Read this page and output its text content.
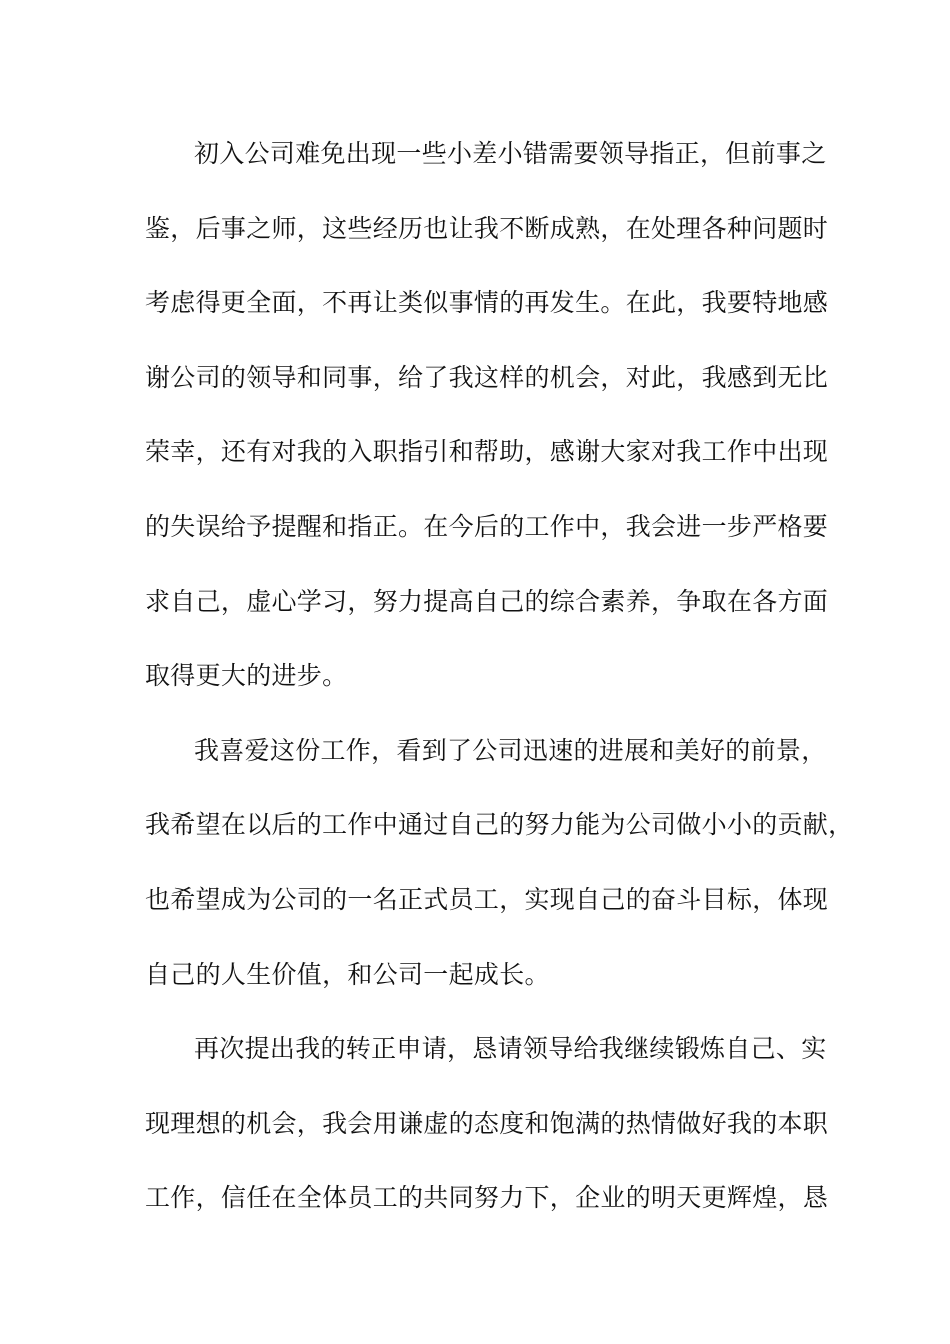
初入公司难免出现一些小差小错需要领导指正，但前事之
鉴，后事之师，这些经历也让我不断成熟，在处理各种问题时
考虑得更全面，不再让类似事情的再发生。在此，我要特地感
谢公司的领导和同事，给了我这样的机会，对此，我感到无比
荣幸，还有对我的入职指引和帮助，感谢大家对我工作中出现
的失误给予提醒和指正。在今后的工作中，我会进一步严格要
求自己，虚心学习，努力提高自己的综合素养，争取在各方面
取得更大的进步。
我喜爱这份工作，看到了公司迅速的进展和美好的前景，
我希望在以后的工作中通过自己的努力能为公司做小小的贡献，
也希望成为公司的一名正式员工，实现自己的奋斗目标，体现
自己的人生价值，和公司一起成长。
再次提出我的转正申请，恳请领导给我继续锻炼自己、实
现理想的机会，我会用谦虚的态度和饱满的热情做好我的本职
工作，信任在全体员工的共同努力下，企业的明天更辉煌，恳
